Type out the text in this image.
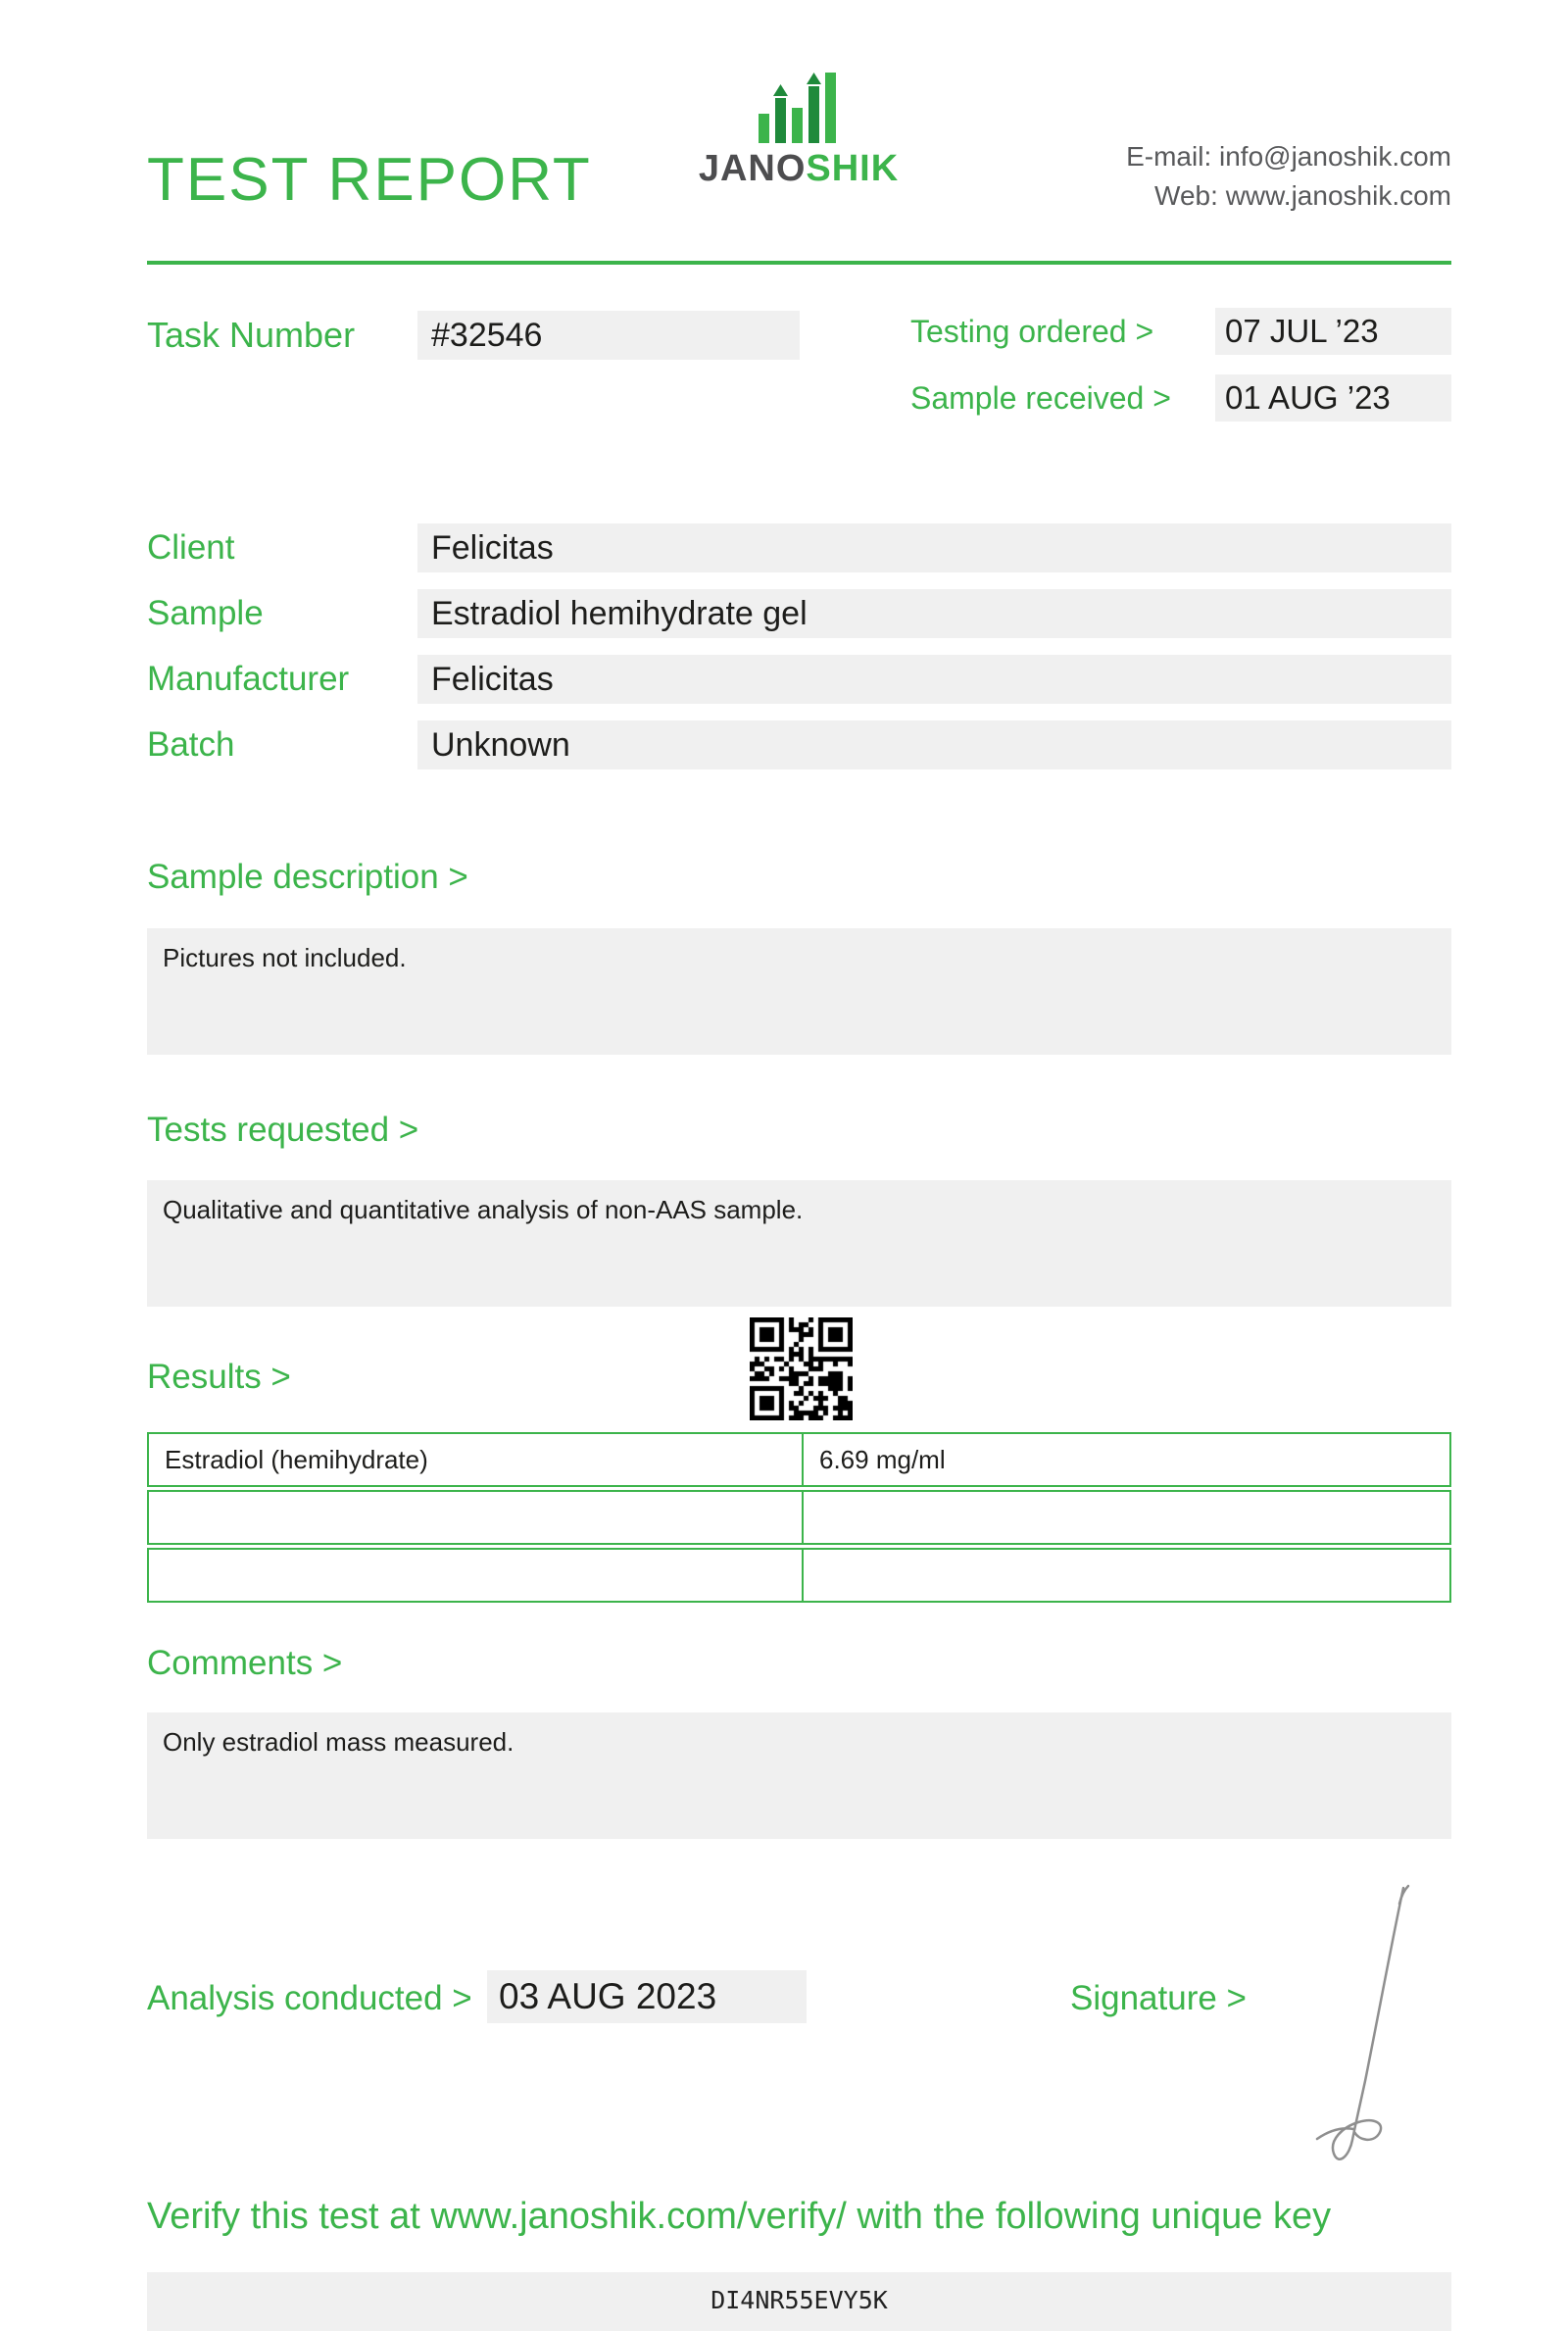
TEST REPORT	JANOSHIK	E-mail: info@janoshik.com
Web: www.janoshik.com
Task Number	#32546	Testing ordered >	07 JUL ’23
Sample received >	01 AUG ’23
Client	Felicitas
Sample	Estradiol hemihydrate gel
Manufacturer	Felicitas
Batch	Unknown
Sample description >
Pictures not included.
Tests requested >
Qualitative and quantitative analysis of non-AAS sample.
Results >
Estradiol (hemihydrate)	6.69 mg/ml
Comments >
Only estradiol mass measured.
Analysis conducted > 03 AUG 2023	Signature >
Verify this test at www.janoshik.com/verify/ with the following unique key
DI4NR55EVY5K
